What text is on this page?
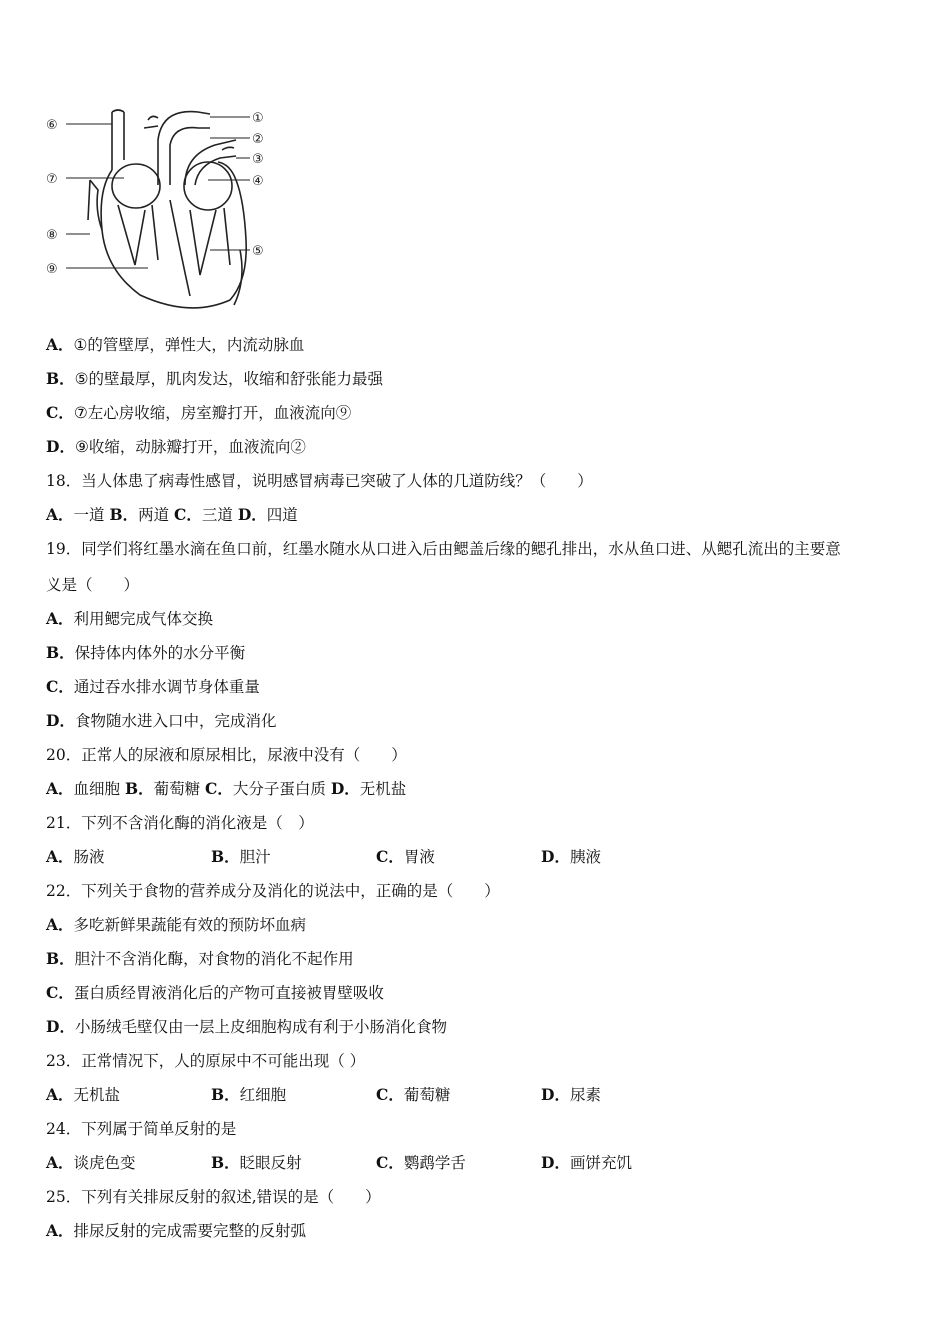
⑥
⑦
⑧
⑨
①
②
③
④
⑤
A．①的管壁厚，弹性大，内流动脉血
B．⑤的壁最厚，肌肉发达，收缩和舒张能力最强
C．⑦左心房收缩，房室瓣打开，血液流向⑨
D．⑨收缩，动脉瓣打开，血液流向②
18．当人体患了病毒性感冒，说明感冒病毒已突破了人体的几道防线？（　　）
A．一道 B．两道 C．三道 D．四道
19．同学们将红墨水滴在鱼口前，红墨水随水从口进入后由鳃盖后缘的鳃孔排出，水从鱼口进、从鳃孔流出的主要意
义是（　　）
A．利用鳃完成气体交换
B．保持体内体外的水分平衡
C．通过吞水排水调节身体重量
D．食物随水进入口中，完成消化
20．正常人的尿液和原尿相比，尿液中没有（　　）
A．血细胞 B．葡萄糖 C．大分子蛋白质 D．无机盐
21．下列不含消化酶的消化液是（　）
A．肠液	B．胆汁	C．胃液	D．胰液
22．下列关于食物的营养成分及消化的说法中，正确的是（　　）
A．多吃新鲜果蔬能有效的预防坏血病
B．胆汁不含消化酶，对食物的消化不起作用
C．蛋白质经胃液消化后的产物可直接被胃壁吸收
D．小肠绒毛壁仅由一层上皮细胞构成有利于小肠消化食物
23．正常情况下，人的原尿中不可能出现（ ）
A．无机盐	B．红细胞	C．葡萄糖	D．尿素
24．下列属于简单反射的是
A．谈虎色变	B．眨眼反射	C．鹦鹉学舌	D．画饼充饥
25．下列有关排尿反射的叙述,错误的是（　　）
A．排尿反射的完成需要完整的反射弧
